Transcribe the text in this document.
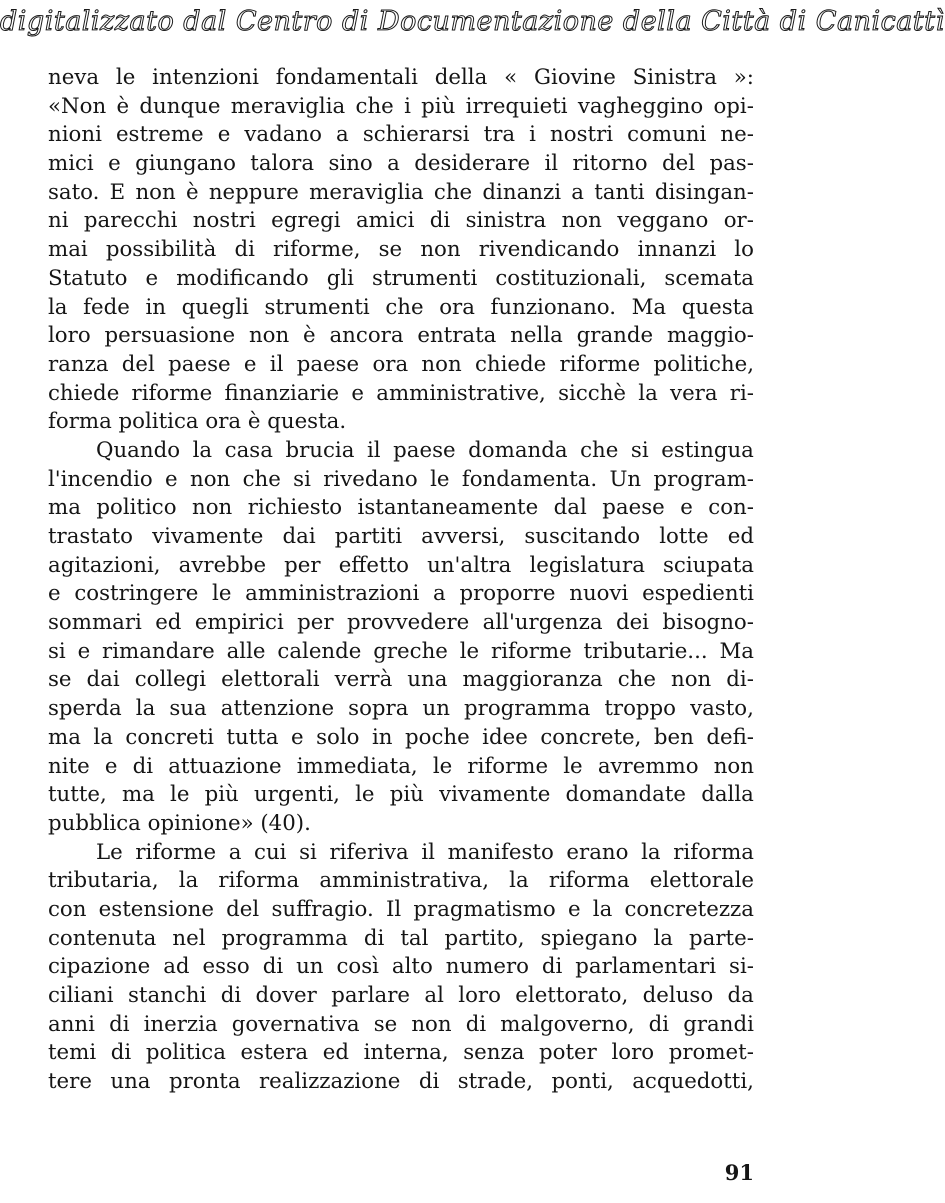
digitalizzato dal Centro di Documentazione della Città di Canicattì
neva le intenzioni fondamentali della « Giovine Sinistra »:
«Non è dunque meraviglia che i più irrequieti vagheggino opi-
nioni estreme e vadano a schierarsi tra i nostri comuni ne-
mici e giungano talora sino a desiderare il ritorno del pas-
sato. E non è neppure meraviglia che dinanzi a tanti disingan-
ni parecchi nostri egregi amici di sinistra non veggano or-
mai possibilità di riforme, se non rivendicando innanzi lo
Statuto e modificando gli strumenti costituzionali, scemata
la fede in quegli strumenti che ora funzionano. Ma questa
loro persuasione non è ancora entrata nella grande maggio-
ranza del paese e il paese ora non chiede riforme politiche,
chiede riforme finanziarie e amministrative, sicchè la vera ri-
forma politica ora è questa.
Quando la casa brucia il paese domanda che si estingua
l'incendio e non che si rivedano le fondamenta. Un program-
ma politico non richiesto istantaneamente dal paese e con-
trastato vivamente dai partiti avversi, suscitando lotte ed
agitazioni, avrebbe per effetto un'altra legislatura sciupata
e costringere le amministrazioni a proporre nuovi espedienti
sommari ed empirici per provvedere all'urgenza dei bisogno-
si e rimandare alle calende greche le riforme tributarie... Ma
se dai collegi elettorali verrà una maggioranza che non di-
sperda la sua attenzione sopra un programma troppo vasto,
ma la concreti tutta e solo in poche idee concrete, ben defi-
nite e di attuazione immediata, le riforme le avremmo non
tutte, ma le più urgenti, le più vivamente domandate dalla
pubblica opinione» (40).
Le riforme a cui si riferiva il manifesto erano la riforma
tributaria, la riforma amministrativa, la riforma elettorale
con estensione del suffragio. Il pragmatismo e la concretezza
contenuta nel programma di tal partito, spiegano la parte-
cipazione ad esso di un così alto numero di parlamentari si-
ciliani stanchi di dover parlare al loro elettorato, deluso da
anni di inerzia governativa se non di malgoverno, di grandi
temi di politica estera ed interna, senza poter loro promet-
tere una pronta realizzazione di strade, ponti, acquedotti,
91
